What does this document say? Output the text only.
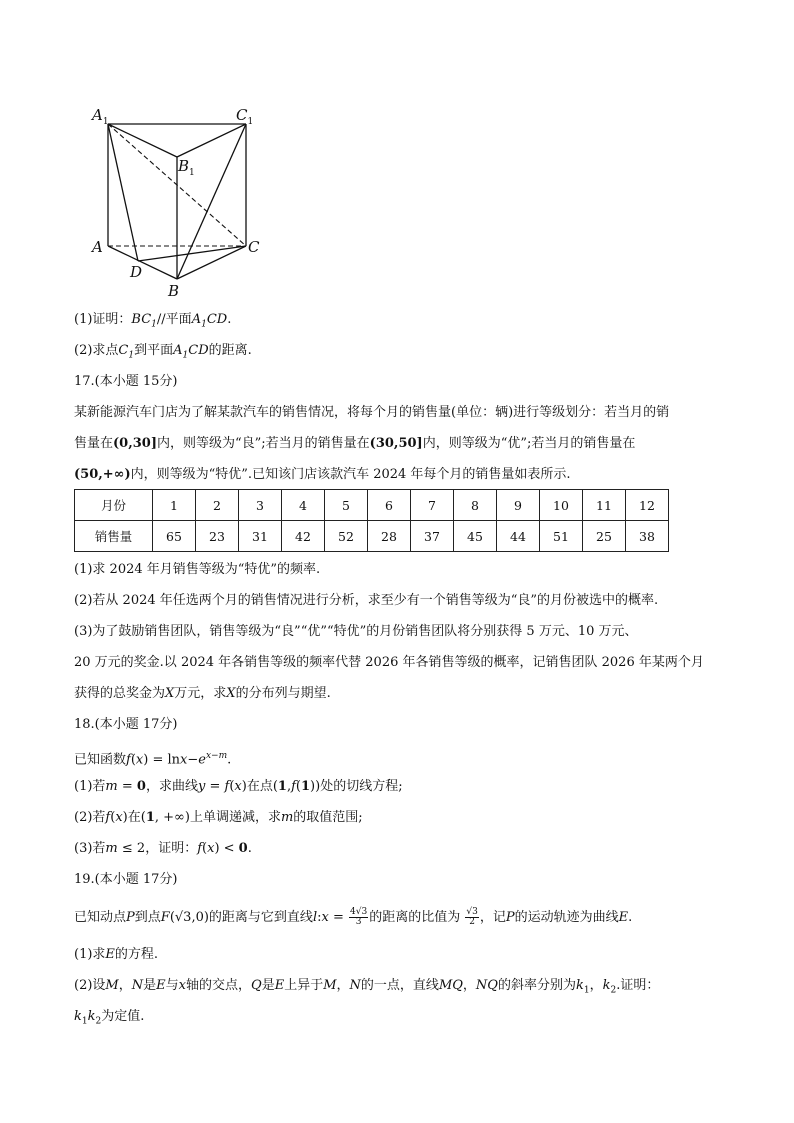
$A_1$	$C_1$
$B_1$
A	C
D
B
(1)证明：$BC_1//$平面$A_1CD$.
(2)求点$C_1$到平面$A_1CD$的距离.
17.(本小题 15分)
某新能源汽车门店为了解某款汽车的销售情况，将每个月的销售量(单位：辆)进行等级划分：若当月的销
售量在(0,30]内，则等级为“良”;若当月的销售量在(30,50]内，则等级为“优”;若当月的销售量在
(50,+∞)内，则等级为“特优”.已知该门店该款汽车 2024 年每个月的销售量如表所示.
月份	1	2	3	4	5	6	7	8	9	10	11	12
销售量	65	23	31	42	52	28	37	45	44	51	25	38
(1)求 2024 年月销售等级为“特优”的频率.
(2)若从 2024 年任选两个月的销售情况进行分析，求至少有一个销售等级为“良”的月份被选中的概率.
(3)为了鼓励销售团队，销售等级为“良”“优”“特优”的月份销售团队将分别获得 5 万元、10 万元、
20 万元的奖金.以 2024 年各销售等级的频率代替 2026 年各销售等级的概率，记销售团队 2026 年某两个月
获得的总奖金为X万元，求X的分布列与期望.
18.(本小题 17分)
已知函数$f(x) = \ln x-e^{x-m}$.
(1)若m = 0，求曲线y = f(x)在点(1,f(1))处的切线方程;
(2)若f(x)在(1, +∞)上单调递减，求m的取值范围;
(3)若m ≤ 2，证明：f(x) < 0.
19.(本小题 17分)
已知动点P到点F(√3,0)的距离与它到直线l:x = $\frac{4√3}{3}$ 的距离的比值为 $\frac{√3}{2}$ ，记P的运动轨迹为曲线E.
(1)求E的方程.
(2)设M，N是E与x轴的交点，Q是E上异于M，N的一点，直线MQ，NQ的斜率分别为$k_1$，$k_2$.证明：
$k_1k_2$为定值.
